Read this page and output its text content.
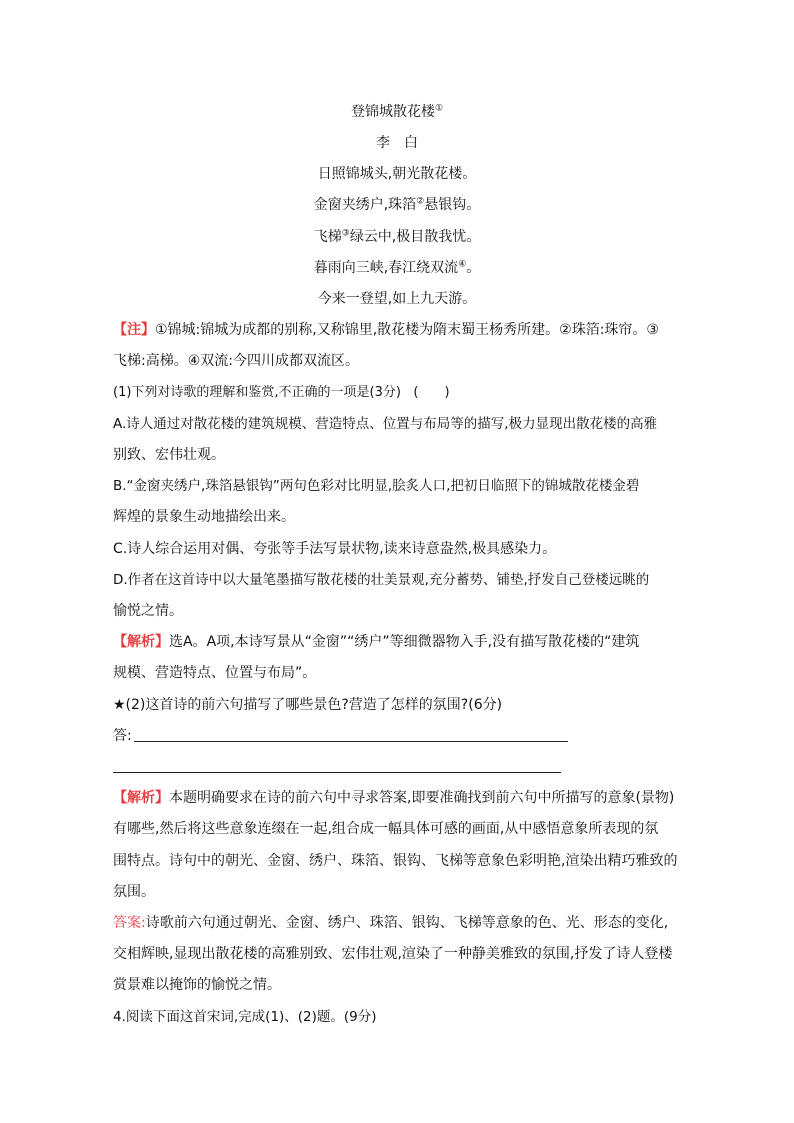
登锦城散花楼①
李　白
日照锦城头,朝光散花楼。
金窗夹绣户,珠箔②悬银钩。
飞梯③绿云中,极目散我忧。
暮雨向三峡,春江绕双流④。
今来一登望,如上九天游。
【注】①锦城:锦城为成都的别称,又称锦里,散花楼为隋末蜀王杨秀所建。②珠箔:珠帘。③
飞梯:高梯。④双流:今四川成都双流区。
(1)下列对诗歌的理解和鉴赏,不正确的一项是(3分) (　　)
A.诗人通过对散花楼的建筑规模、营造特点、位置与布局等的描写,极力显现出散花楼的高雅
别致、宏伟壮观。
B.“金窗夹绣户,珠箔悬银钩”两句色彩对比明显,脍炙人口,把初日临照下的锦城散花楼金碧
辉煌的景象生动地描绘出来。
C.诗人综合运用对偶、夸张等手法写景状物,读来诗意盎然,极具感染力。
D.作者在这首诗中以大量笔墨描写散花楼的壮美景观,充分蓄势、铺垫,抒发自己登楼远眺的
愉悦之情。
【解析】选A。A项,本诗写景从“金窗”“绣户”等细微器物入手,没有描写散花楼的“建筑
规模、营造特点、位置与布局”。
★(2)这首诗的前六句描写了哪些景色?营造了怎样的氛围?(6分)
答:
【解析】本题明确要求在诗的前六句中寻求答案,即要准确找到前六句中所描写的意象(景物)
有哪些,然后将这些意象连缀在一起,组合成一幅具体可感的画面,从中感悟意象所表现的氛
围特点。诗句中的朝光、金窗、绣户、珠箔、银钩、飞梯等意象色彩明艳,渲染出精巧雅致的
氛围。
答案:诗歌前六句通过朝光、金窗、绣户、珠箔、银钩、飞梯等意象的色、光、形态的变化,
交相辉映,显现出散花楼的高雅别致、宏伟壮观,渲染了一种静美雅致的氛围,抒发了诗人登楼
赏景难以掩饰的愉悦之情。
4.阅读下面这首宋词,完成(1)、(2)题。(9分)
